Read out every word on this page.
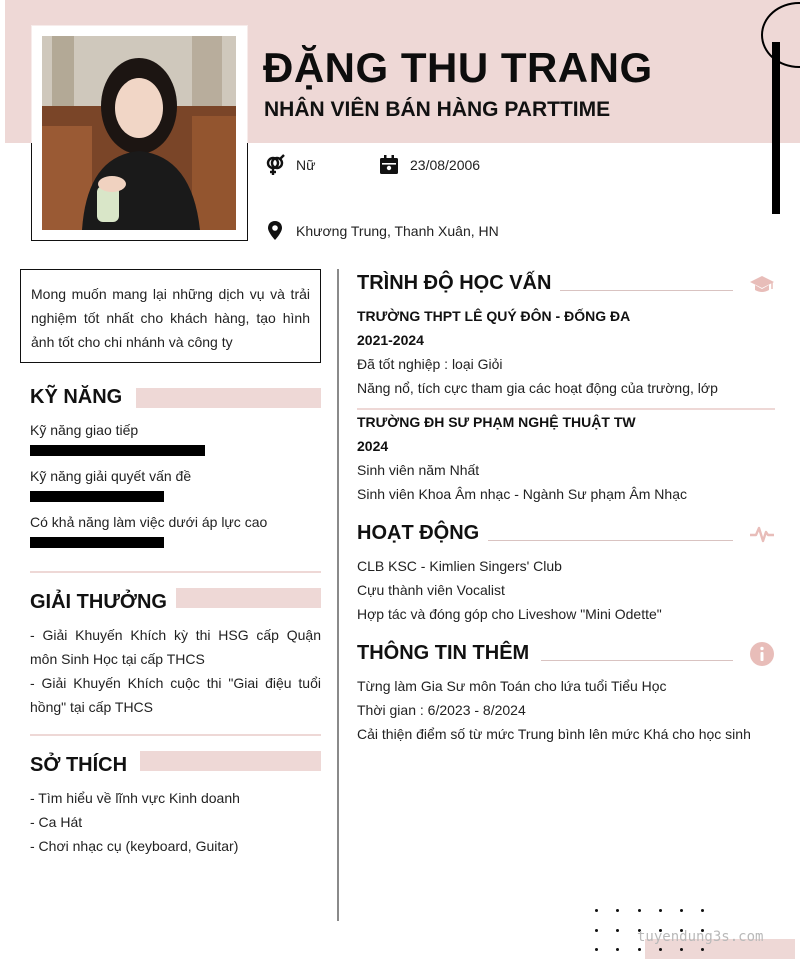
ĐẶNG THU TRANG
NHÂN VIÊN BÁN HÀNG PARTTIME
Nữ	23/08/2006
Khương Trung, Thanh Xuân, HN
Mong muốn mang lại những dịch vụ và trải nghiệm tốt nhất cho khách hàng, tạo hình ảnh tốt cho chi nhánh và công ty
KỸ NĂNG
Kỹ năng giao tiếp
Kỹ năng giải quyết vấn đề
Có khả năng làm việc dưới áp lực cao
GIẢI THƯỞNG
- Giải Khuyến Khích kỳ thi HSG cấp Quận môn Sinh Học tại cấp THCS
- Giải Khuyến Khích cuộc thi "Giai điệu tuổi hồng" tại cấp THCS
SỞ THÍCH
- Tìm hiểu về lĩnh vực Kinh doanh
- Ca Hát
- Chơi nhạc cụ (keyboard, Guitar)
TRÌNH ĐỘ HỌC VẤN
TRƯỜNG THPT LÊ QUÝ ĐÔN - ĐỐNG ĐA
2021-2024
Đã tốt nghiệp : loại Giỏi
Năng nổ, tích cực tham gia các hoạt động của trường, lớp
TRƯỜNG ĐH SƯ PHẠM NGHỆ THUẬT TW
2024
Sinh viên năm Nhất
Sinh viên Khoa Âm nhạc - Ngành Sư phạm Âm Nhạc
HOẠT ĐỘNG
CLB KSC - Kimlien Singers' Club
Cựu thành viên Vocalist
Hợp tác và đóng góp cho Liveshow "Mini Odette"
THÔNG TIN THÊM
Từng làm Gia Sư môn Toán cho lứa tuổi Tiểu Học
Thời gian : 6/2023 - 8/2024
Cải thiện điểm số từ mức Trung bình lên mức Khá cho học sinh
tuyendung3s.com
